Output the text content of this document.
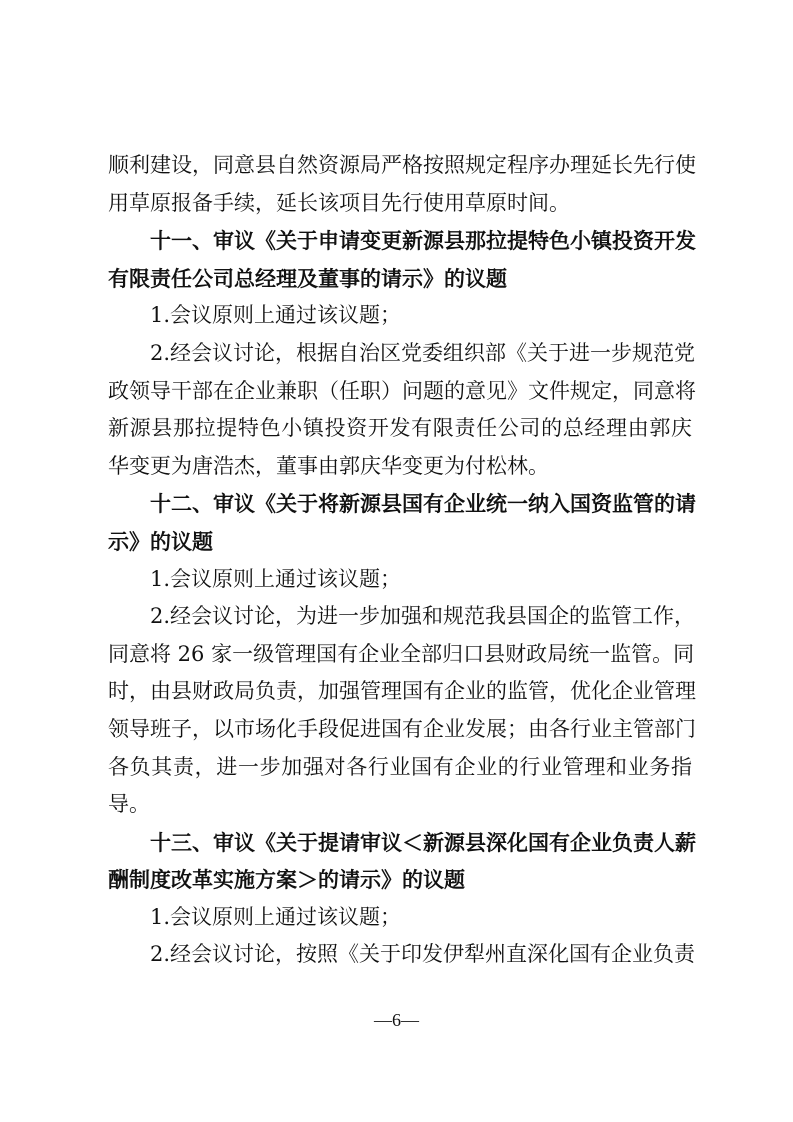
顺利建设，同意县自然资源局严格按照规定程序办理延长先行使
用草原报备手续，延长该项目先行使用草原时间。
十一、审议《关于申请变更新源县那拉提特色小镇投资开发
有限责任公司总经理及董事的请示》的议题
1.会议原则上通过该议题；
2.经会议讨论，根据自治区党委组织部《关于进一步规范党
政领导干部在企业兼职（任职）问题的意见》文件规定，同意将
新源县那拉提特色小镇投资开发有限责任公司的总经理由郭庆
华变更为唐浩杰，董事由郭庆华变更为付松林。
十二、审议《关于将新源县国有企业统一纳入国资监管的请
示》的议题
1.会议原则上通过该议题；
2.经会议讨论，为进一步加强和规范我县国企的监管工作，
同意将 26 家一级管理国有企业全部归口县财政局统一监管。同
时，由县财政局负责，加强管理国有企业的监管，优化企业管理
领导班子，以市场化手段促进国有企业发展；由各行业主管部门
各负其责，进一步加强对各行业国有企业的行业管理和业务指
导。
十三、审议《关于提请审议＜新源县深化国有企业负责人薪
酬制度改革实施方案＞的请示》的议题
1.会议原则上通过该议题；
2.经会议讨论，按照《关于印发伊犁州直深化国有企业负责
—6—
